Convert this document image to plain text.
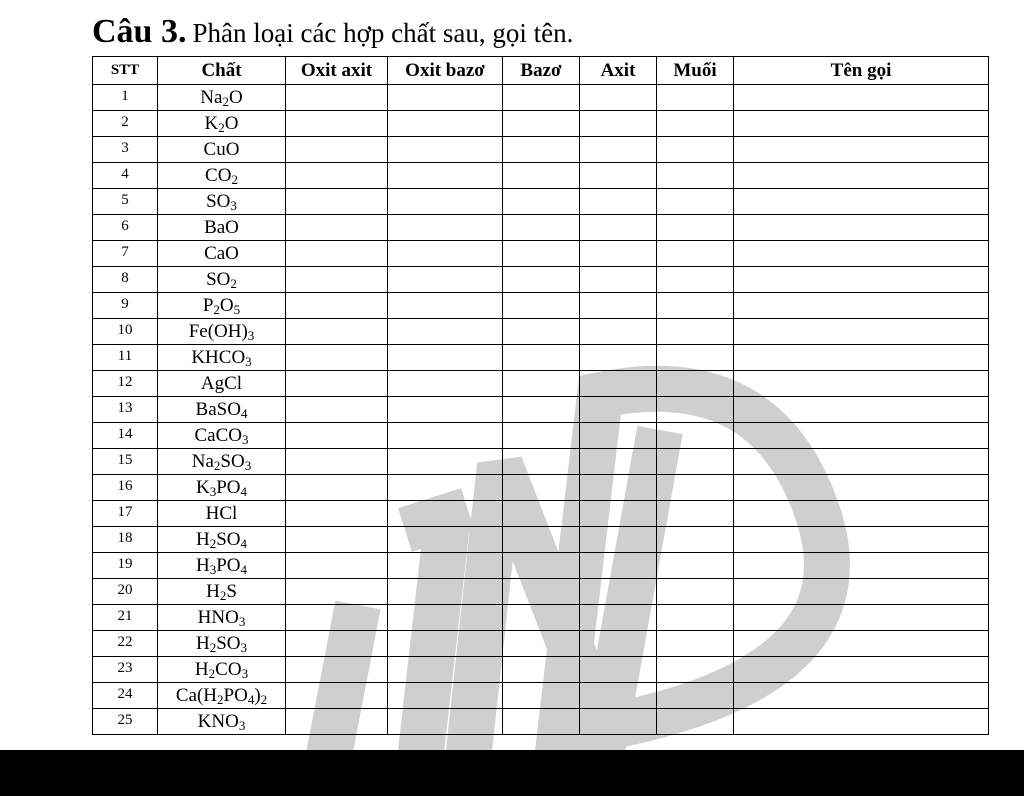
Câu 3. Phân loại các hợp chất sau, gọi tên.
STT	Chất	Oxit axit	Oxit bazơ	Bazơ	Axit	Muối	Tên gọi
1	$Na_2O$						
2	$K_2O$						
3	CuO						
4	$CO_2$						
5	$SO_3$						
6	BaO						
7	CaO						
8	$SO_2$						
9	$P_2O_5$						
10	$Fe(OH)_3$						
11	$KHCO_3$						
12	AgCl						
13	BaSO$_4$						
14	CaCO$_3$						
15	$Na_2SO_3$						
16	$K_3PO_4$						
17	HCl						
18	$H_2SO_4$						
19	$H_3PO_4$						
20	$H_2S$						
21	$HNO_3$						
22	$H_2SO_3$						
23	$H_2CO_3$						
24	$Ca(H_2PO_4)_2$						
25	$KNO_3$						
